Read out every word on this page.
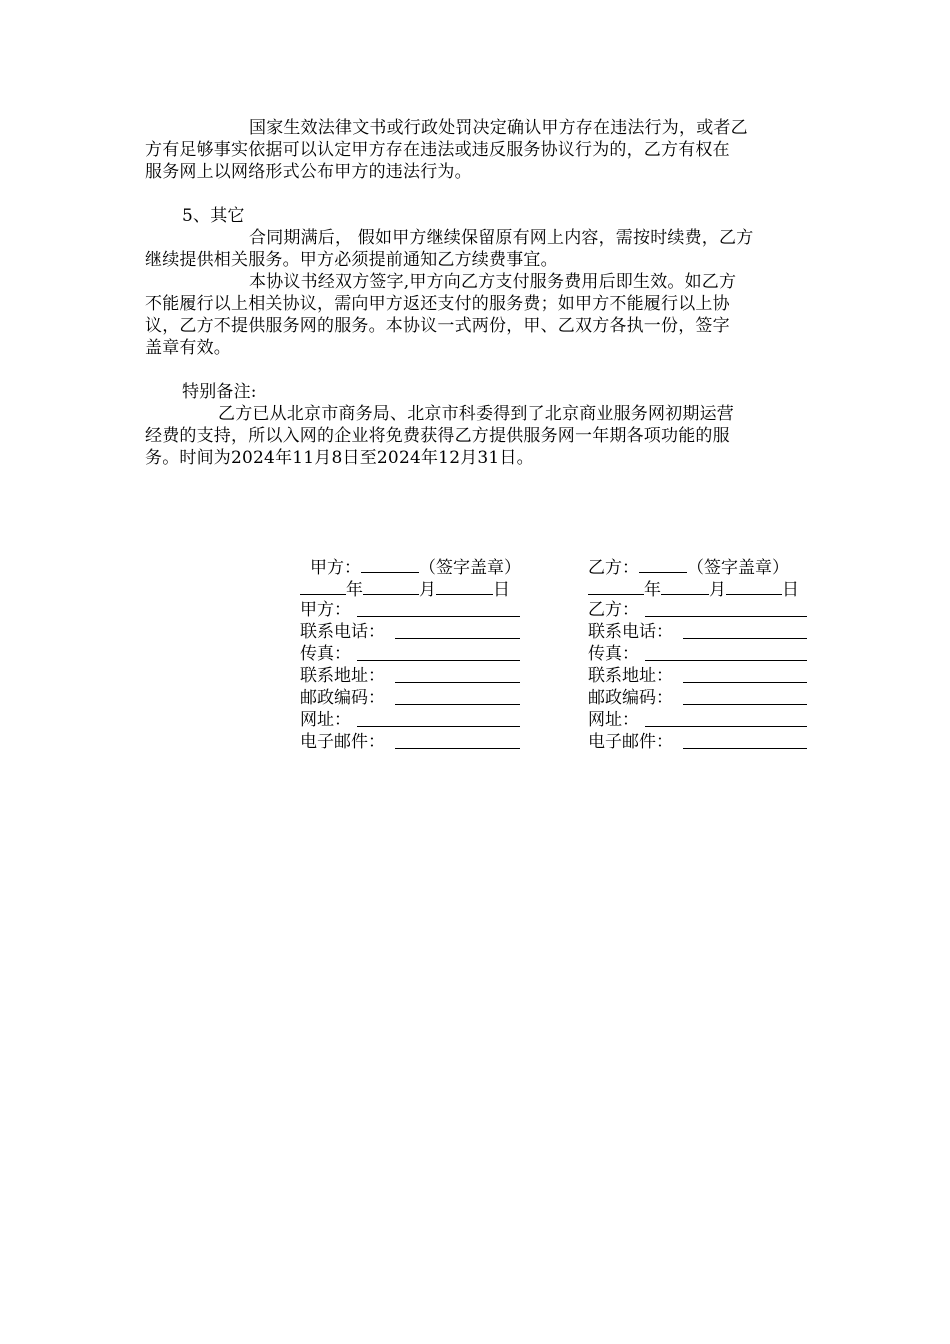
国家生效法律文书或行政处罚决定确认甲方存在违法行为，或者乙
方有足够事实依据可以认定甲方存在违法或违反服务协议行为的，乙方有权在
服务网上以网络形式公布甲方的违法行为。
5、其它
合同期满后， 假如甲方继续保留原有网上内容，需按时续费，乙方
继续提供相关服务。甲方必须提前通知乙方续费事宜。
本协议书经双方签字,甲方向乙方支付服务费用后即生效。如乙方
不能履行以上相关协议，需向甲方返还支付的服务费；如甲方不能履行以上协
议，乙方不提供服务网的服务。本协议一式两份，甲、乙双方各执一份，签字
盖章有效。
特别备注:
乙方已从北京市商务局、北京市科委得到了北京商业服务网初期运营
经费的支持，所以入网的企业将免费获得乙方提供服务网一年期各项功能的服
务。时间为2024年11月8日至2024年12月31日。
甲方：	（签字盖章）
年	月	日
甲方：
联系电话：
传真：
联系地址：
邮政编码：
网址：
电子邮件：
乙方：	（签字盖章）
年	月	日
乙方：
联系电话：
传真：
联系地址：
邮政编码：
网址：
电子邮件：
